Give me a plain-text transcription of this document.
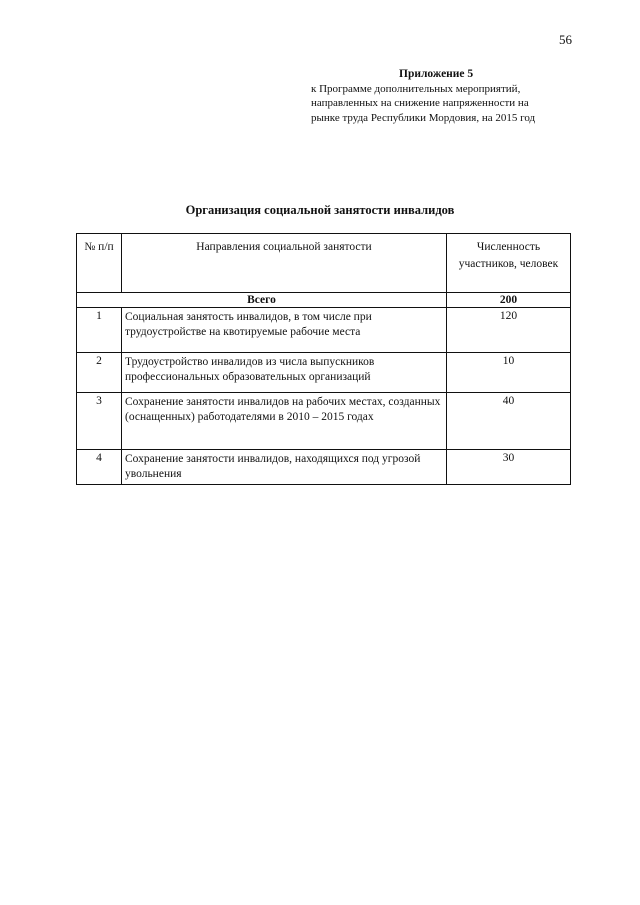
56
Приложение 5
к Программе дополнительных мероприятий,
направленных на снижение напряженности на
рынке труда Республики Мордовия, на 2015 год
Организация социальной занятости инвалидов
№ п/п	Направления социальной занятости	Численность
участников, человек

Всего		200
1	Социальная занятость инвалидов, в том числе при трудоустройстве на квотируемые рабочие места	120
2	Трудоустройство инвалидов из числа выпускников профессиональных образовательных организаций	10
3	Сохранение занятости инвалидов на рабочих местах, созданных (оснащенных) работодателями в 2010 – 2015 годах	40
4	Сохранение занятости инвалидов, находящихся под угрозой увольнения	30
